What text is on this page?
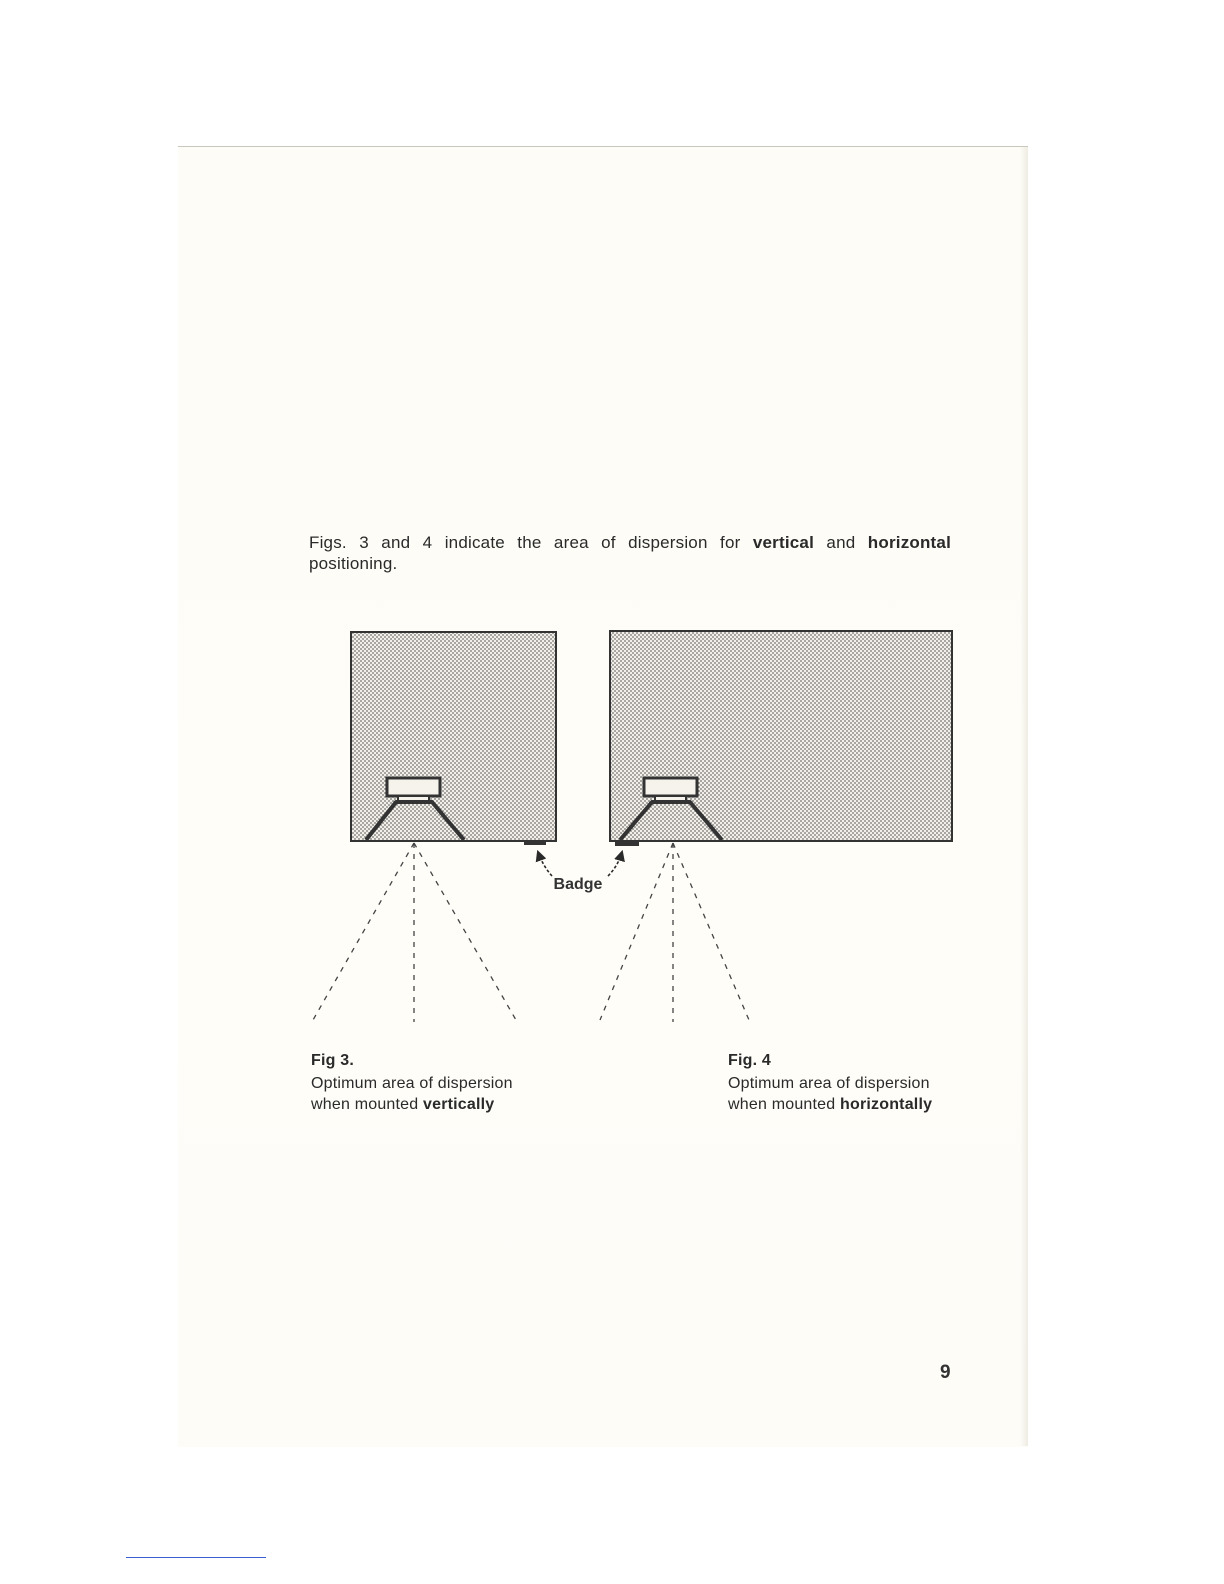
Figs. 3 and 4 indicate the area of dispersion for vertical and horizontal positioning.

Badge
Fig 3.
Optimum area of dispersion
when mounted vertically
Fig. 4
Optimum area of dispersion
when mounted horizontally
9
